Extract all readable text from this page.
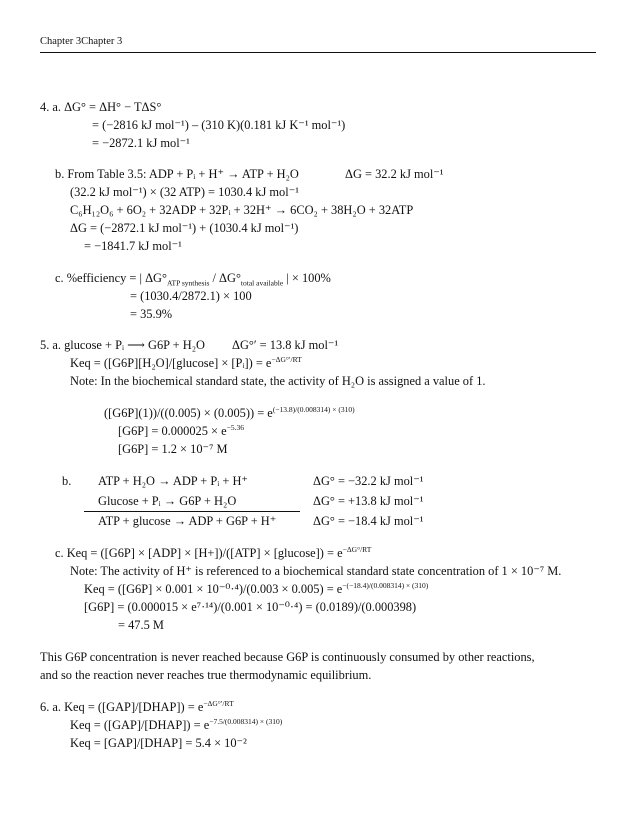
Chapter 3Chapter 3
4. a. ΔG° = ΔH° − TΔS°
= (−2816 kJ mol⁻¹) – (310 K)(0.181 kJ K⁻¹ mol⁻¹)
= −2872.1 kJ mol⁻¹
b. From Table 3.5: ADP + Pᵢ + H⁺ → ATP + H₂O	ΔG = 32.2 kJ mol⁻¹
(32.2 kJ mol⁻¹) × (32 ATP) = 1030.4 kJ mol⁻¹
C₆H₁₂O₆ + 6O₂ + 32ADP + 32Pᵢ + 32H⁺ → 6CO₂ + 38H₂O + 32ATP
ΔG = (−2872.1 kJ mol⁻¹) + (1030.4 kJ mol⁻¹)
= −1841.7 kJ mol⁻¹
c. %efficiency = | $\Delta G^\circ_{ATP synthesis} / \Delta G^\circ_{total available}$ | × 100%
= (1030.4/2872.1) × 100
= 35.9%
5. a. glucose + Pᵢ ⟶ G6P + H₂O ΔG°′ = 13.8 kJ mol⁻¹
Keq = ([G6P][H₂O]/[glucose] × [Pᵢ]) = $e^{-\Delta G^\circ'/RT}$
Note: In the biochemical standard state, the activity of H₂O is assigned a value of 1.
$([G6P](1))/((0.005) \times (0.005)) = e^{(-13.8)/(0.008314) \times (310)}$
$[G6P] = 0.000025 \times e^{-5.36}$
[G6P] = 1.2 × 10⁻⁷ M
b. ATP + H₂O → ADP + Pᵢ + H⁺	ΔG° = −32.2 kJ mol⁻¹
Glucose + Pᵢ → G6P + H₂O	ΔG° = +13.8 kJ mol⁻¹
ATP + glucose → ADP + G6P + H⁺	ΔG° = −18.4 kJ mol⁻¹
c. Keq = $([G6P] \times [ADP] \times [H+])/([ATP] \times [glucose]) = e^{-\Delta G^\circ/RT}$
Note: The activity of H⁺ is referenced to a biochemical standard state concentration of 1 × 10⁻⁷ M.
Keq = $([G6P] \times 0.001 \times 10^{-0}\cdot^4)/(0.003 \times 0.005) = e^{-(-18.4)/(0.008314) \times (310)}$
[G6P] = (0.000015 × e⁷·¹⁴)/(0.001 × 10⁻⁰·⁴) = (0.0189)/(0.000398)
= 47.5 M
This G6P concentration is never reached because G6P is continuously consumed by other reactions,
and so the reaction never reaches true thermodynamic equilibrium.
6. a. Keq = ([GAP]/[DHAP]) = $e^{-\Delta G^\circ'/RT}$
Keq = ([GAP]/[DHAP]) = $e^{-7.5/(0.008314) \times (310)}$
Keq = [GAP]/[DHAP] = 5.4 × 10⁻²
